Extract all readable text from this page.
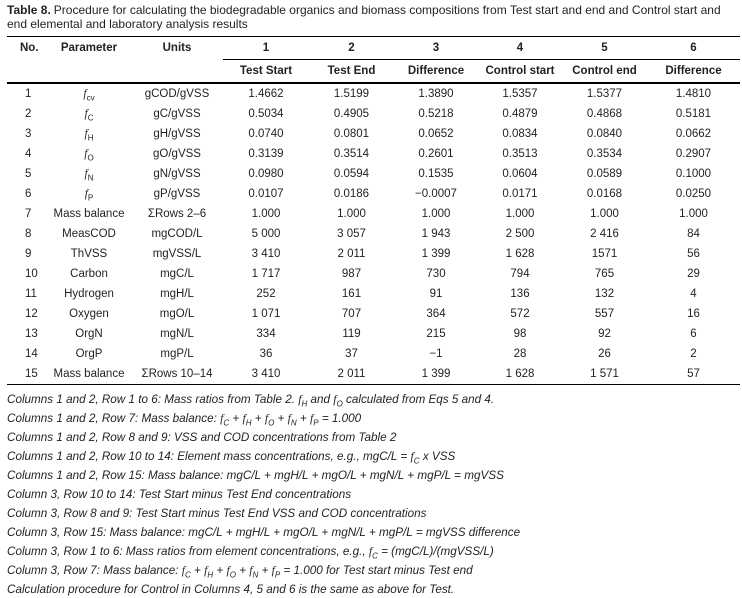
Table 8. Procedure for calculating the biodegradable organics and biomass compositions from Test start and end and Control start and end elemental and laboratory analysis results
No.	Parameter	Units	1	2	3	4	5	6
			Test Start	Test End	Difference	Control start	Control end	Difference
1	$f_{cv}$	gCOD/gVSS	1.4662	1.5199	1.3890	1.5357	1.5377	1.4810
2	$f_C$	gC/gVSS	0.5034	0.4905	0.5218	0.4879	0.4868	0.5181
3	$f_H$	gH/gVSS	0.0740	0.0801	0.0652	0.0834	0.0840	0.0662
4	$f_O$	gO/gVSS	0.3139	0.3514	0.2601	0.3513	0.3534	0.2907
5	$f_N$	gN/gVSS	0.0980	0.0594	0.1535	0.0604	0.0589	0.1000
6	$f_P$	gP/gVSS	0.0107	0.0186	−0.0007	0.0171	0.0168	0.0250
7	Mass balance	ΣRows 2–6	1.000	1.000	1.000	1.000	1.000	1.000
8	MeasCOD	mgCOD/L	5 000	3 057	1 943	2 500	2 416	84
9	ThVSS	mgVSS/L	3 410	2 011	1 399	1 628	1571	56
10	Carbon	mgC/L	1 717	987	730	794	765	29
11	Hydrogen	mgH/L	252	161	91	136	132	4
12	Oxygen	mgO/L	1 071	707	364	572	557	16
13	OrgN	mgN/L	334	119	215	98	92	6
14	OrgP	mgP/L	36	37	−1	28	26	2
15	Mass balance	ΣRows 10–14	3 410	2 011	1 399	1 628	1 571	57
Columns 1 and 2, Row 1 to 6: Mass ratios from Table 2. $f_H$ and $f_O$ calculated from Eqs 5 and 4.
Columns 1 and 2, Row 7: Mass balance: $f_C + f_H + f_O + f_N + f_P = 1.000$
Columns 1 and 2, Row 8 and 9: VSS and COD concentrations from Table 2
Columns 1 and 2, Row 10 to 14: Element mass concentrations, e.g., $mgC/L = f_C$ x VSS
Columns 1 and 2, Row 15: Mass balance: mgC/L + mgH/L + mgO/L + mgN/L + mgP/L = mgVSS
Column 3, Row 10 to 14: Test Start minus Test End concentrations
Column 3, Row 8 and 9: Test Start minus Test End VSS and COD concentrations
Column 3, Row 15: Mass balance: mgC/L + mgH/L + mgO/L + mgN/L + mgP/L = mgVSS difference
Column 3, Row 1 to 6: Mass ratios from element concentrations, e.g., $f_C$ = (mgC/L)/(mgVSS/L)
Column 3, Row 7: Mass balance: $f_C + f_H + f_O + f_N + f_P = 1.000$ for Test start minus Test end
Calculation procedure for Control in Columns 4, 5 and 6 is the same as above for Test.
